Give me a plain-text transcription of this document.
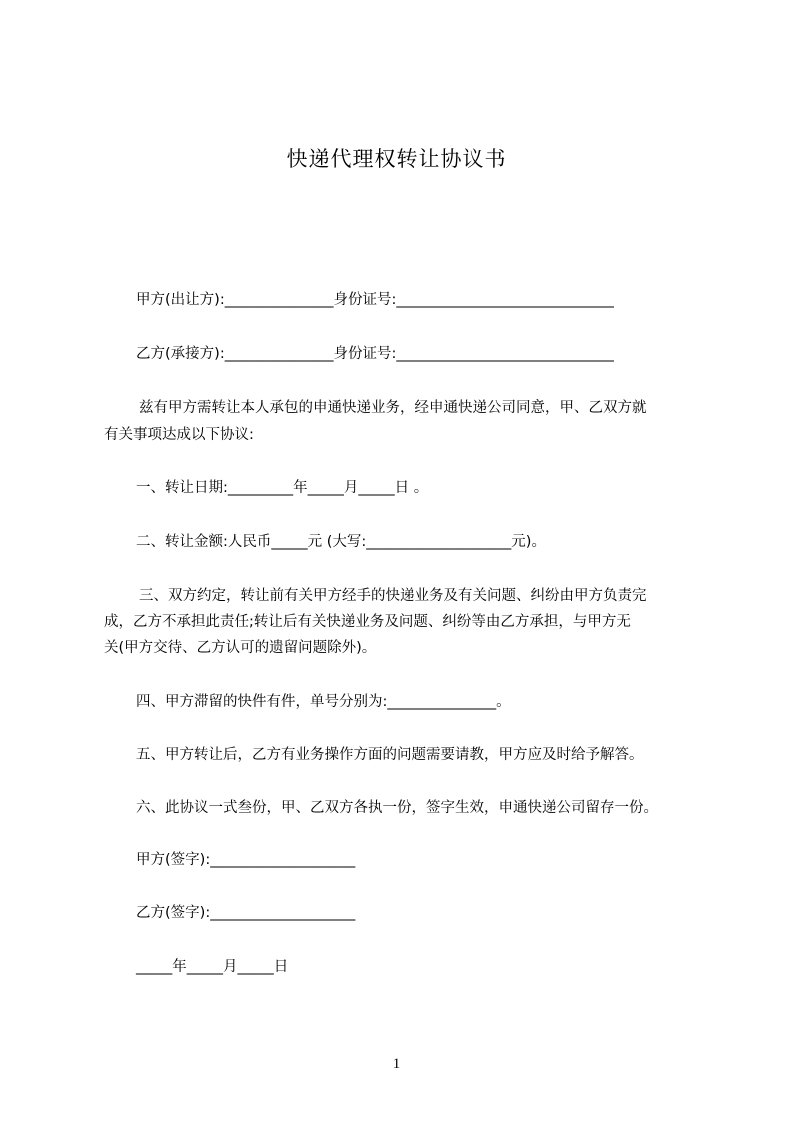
快递代理权转让协议书
甲方(出让方):_______________身份证号:______________________________
乙方(承接方):_______________身份证号:______________________________
兹有甲方需转让本人承包的申通快递业务，经申通快递公司同意，甲、乙双方就
有关事项达成以下协议:
一、转让日期:_________年_____月_____日 。
二、转让金额:人民币_____元 (大写:____________________元)。
三、双方约定，转让前有关甲方经手的快递业务及有关问题、纠纷由甲方负责完
成，乙方不承担此责任;转让后有关快递业务及问题、纠纷等由乙方承担，与甲方无
关(甲方交待、乙方认可的遗留问题除外)。
四、甲方滞留的快件有件，单号分别为:_______________。
五、甲方转让后，乙方有业务操作方面的问题需要请教，甲方应及时给予解答。
六、此协议一式叁份，甲、乙双方各执一份，签字生效，申通快递公司留存一份。
甲方(签字):____________________
乙方(签字):____________________
_____年_____月_____日
1
